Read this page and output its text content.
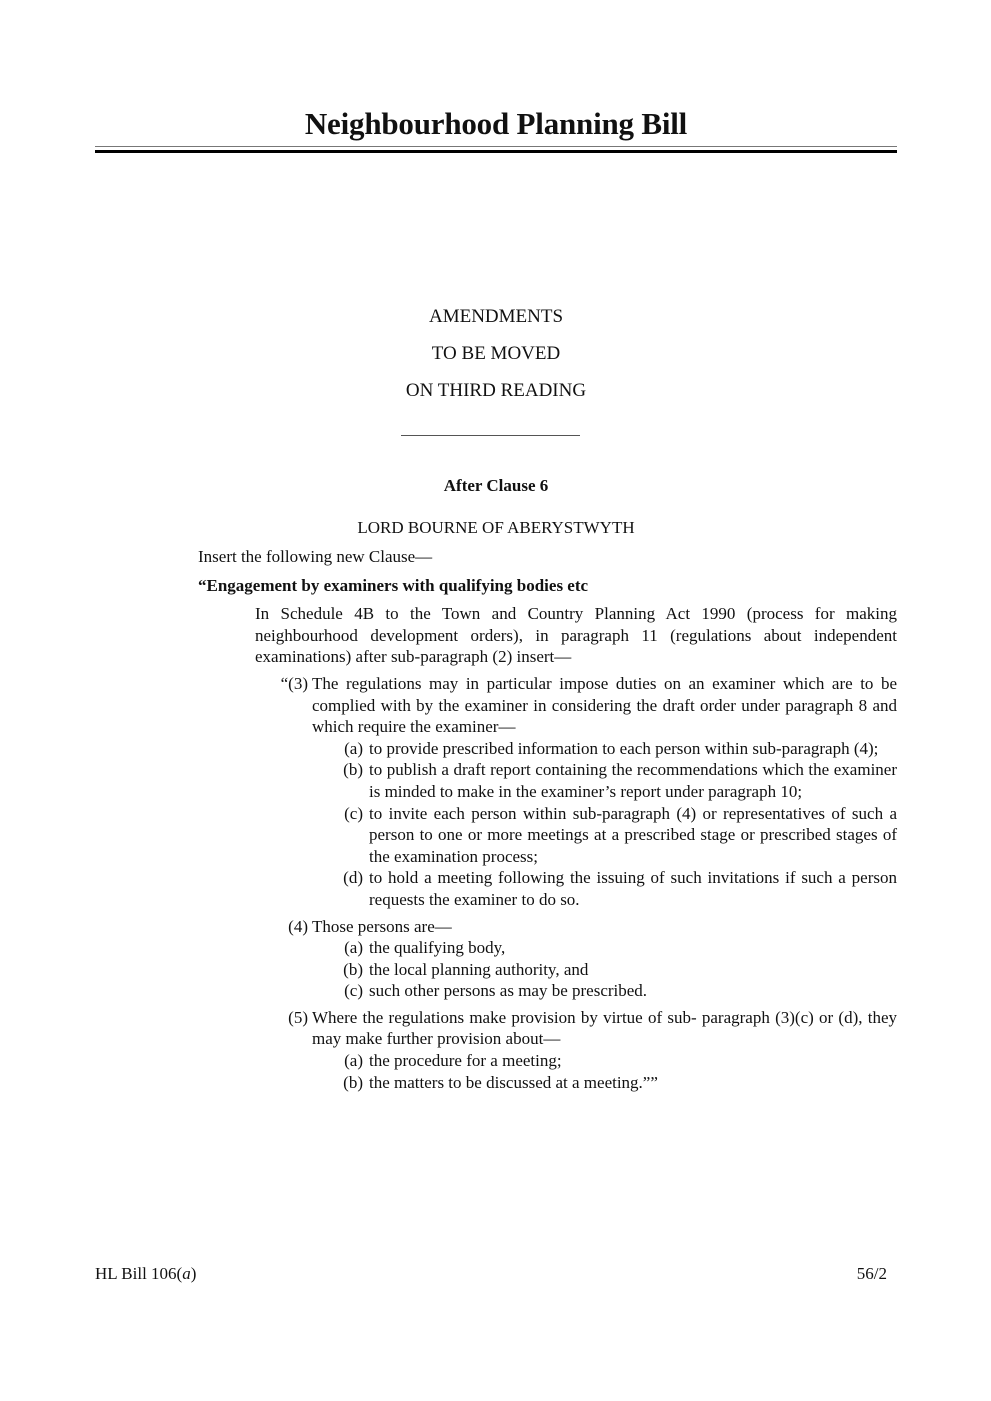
Neighbourhood Planning Bill
AMENDMENTS
TO BE MOVED
ON THIRD READING
After Clause 6
LORD BOURNE OF ABERYSTWYTH
Insert the following new Clause—
“Engagement by examiners with qualifying bodies etc
In Schedule 4B to the Town and Country Planning Act 1990 (process for making neighbourhood development orders), in paragraph 11 (regulations about independent examinations) after sub-paragraph (2) insert—
“(3) The regulations may in particular impose duties on an examiner which are to be complied with by the examiner in considering the draft order under paragraph 8 and which require the examiner—
(a) to provide prescribed information to each person within sub-paragraph (4);
(b) to publish a draft report containing the recommendations which the examiner is minded to make in the examiner’s report under paragraph 10;
(c) to invite each person within sub-paragraph (4) or representatives of such a person to one or more meetings at a prescribed stage or prescribed stages of the examination process;
(d) to hold a meeting following the issuing of such invitations if such a person requests the examiner to do so.
(4) Those persons are—
(a) the qualifying body,
(b) the local planning authority, and
(c) such other persons as may be prescribed.
(5) Where the regulations make provision by virtue of sub- paragraph (3)(c) or (d), they may make further provision about—
(a) the procedure for a meeting;
(b) the matters to be discussed at a meeting.””
HL Bill 106(a)	56/2
